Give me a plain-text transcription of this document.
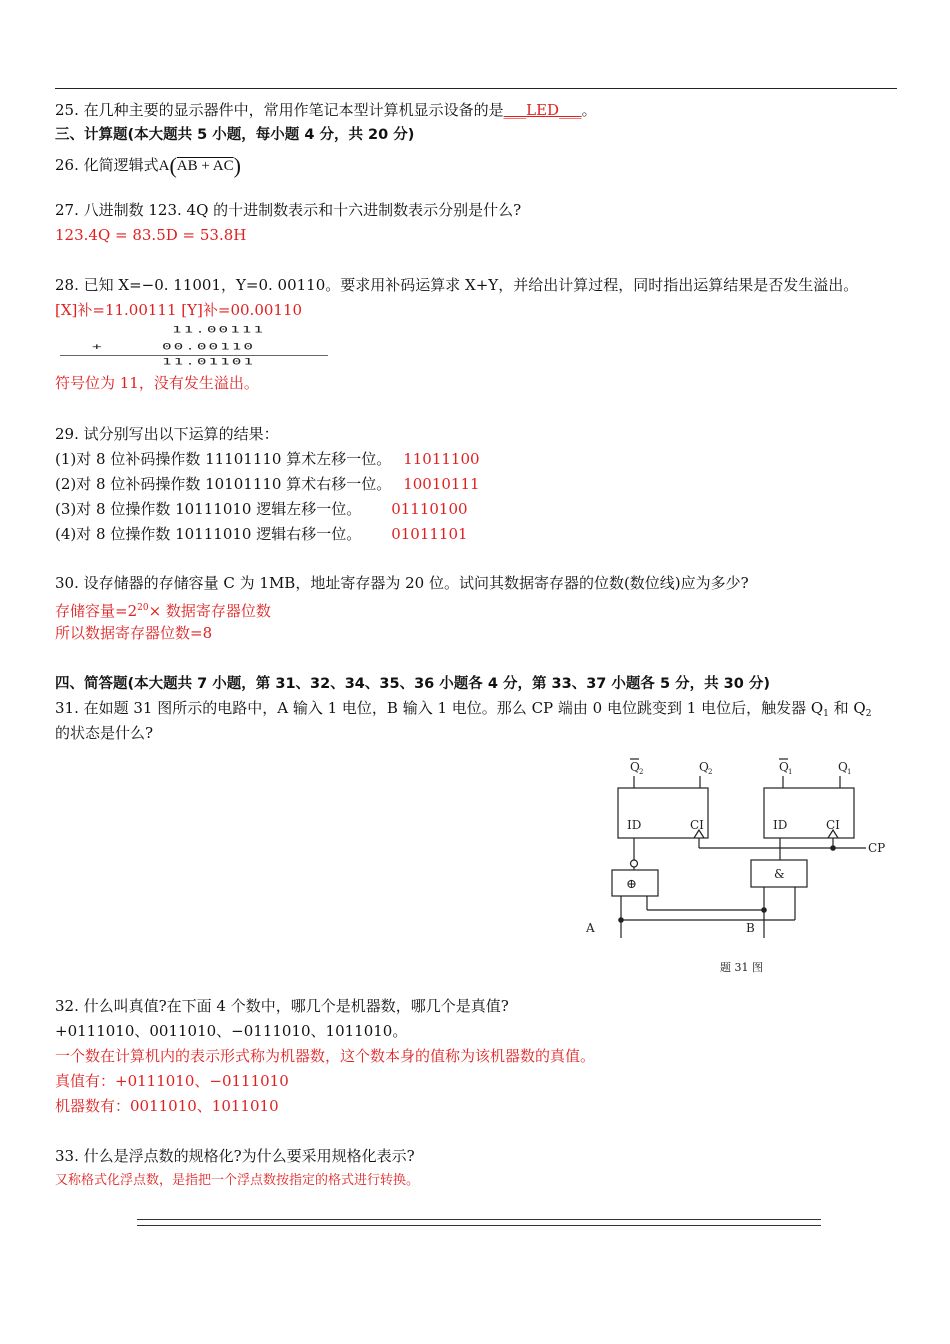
25. 在几种主要的显示器件中，常用作笔记本型计算机显示设备的是___LED___。
三、计算题(本大题共 5 小题，每小题 4 分，共 20 分)
26. 化简逻辑式A(AB + AC)
27. 八进制数 123. 4Q 的十进制数表示和十六进制数表示分别是什么?
123.4Q = 83.5D = 53.8H
28. 已知 X=−0. 11001，Y=0. 00110。要求用补码运算求 X+Y，并给出计算过程，同时指出运算结果是否发生溢出。
[X]补=11.00111 [Y]补=00.00110
11.00111
+	00.00110
11.01101
符号位为 11，没有发生溢出。
29. 试分别写出以下运算的结果：
(1)对 8 位补码操作数 11101110 算术左移一位。 11011100
(2)对 8 位补码操作数 10101110 算术右移一位。 10010111
(3)对 8 位操作数 10111010 逻辑左移一位。 01110100
(4)对 8 位操作数 10111010 逻辑右移一位。 01011101
30. 设存储器的存储容量 C 为 1MB，地址寄存器为 20 位。试问其数据寄存器的位数(数位线)应为多少?
存储容量$=2^{20}\times$ 数据寄存器位数
所以数据寄存器位数=8
四、简答题(本大题共 7 小题，第 31、32、34、35、36 小题各 4 分，第 33、37 小题各 5 分，共 30 分)
31. 在如题 31 图所示的电路中，A 输入 1 电位，B 输入 1 电位。那么 CP 端由 0 电位跳变到 1 电位后，触发器 $Q_1$ 和 $Q_2$
的状态是什么?
Q 2	Q 2	Q 1	Q 1
ID	CI	ID	CI
CP
⊕
&
A	B
题 31 图
32. 什么叫真值?在下面 4 个数中，哪几个是机器数，哪几个是真值?
+0111010、0011010、−0111010、1011010。
一个数在计算机内的表示形式称为机器数，这个数本身的值称为该机器数的真值。
真值有：+0111010、−0111010
机器数有：0011010、1011010
33. 什么是浮点数的规格化?为什么要采用规格化表示?
又称格式化浮点数，是指把一个浮点数按指定的格式进行转换。
